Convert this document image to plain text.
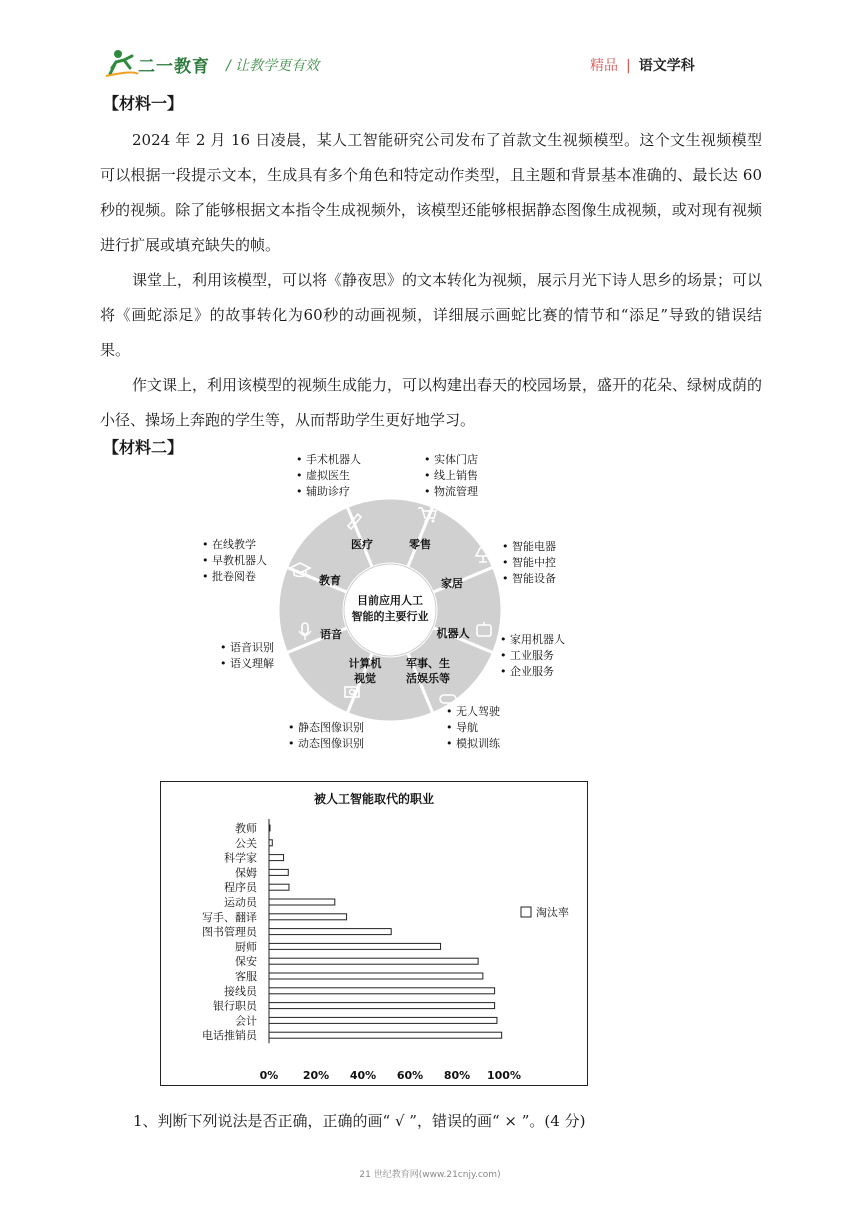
二一教育 / 让教学更有效	精品 | 语文学科
【材料一】

2024 年 2 月 16 日凌晨，某人工智能研究公司发布了首款文生视频模型。这个文生视频模型可以根据一段提示文本，生成具有多个角色和特定动作类型，且主题和背景基本准确的、最长达 60 秒的视频。除了能够根据文本指令生成视频外，该模型还能够根据静态图像生成视频，或对现有视频进行扩展或填充缺失的帧。

课堂上，利用该模型，可以将《静夜思》的文本转化为视频，展示月光下诗人思乡的场景；可以将《画蛇添足》的故事转化为60秒的动画视频，详细展示画蛇比赛的情节和“添足”导致的错误结果。

作文课上，利用该模型的视频生成能力，可以构建出春天的校园场景，盛开的花朵、绿树成荫的小径、操场上奔跑的学生等，从而帮助学生更好地学习。

【材料二】
目前应用人工
智能的主要行业
医疗	零售
家居
机器人
军事、生
活娱乐等
计算机
视觉
语音
教育
• 手术机器人
• 虚拟医生
• 辅助诊疗
• 实体门店
• 线上销售
• 物流管理
• 智能电器
• 智能中控
• 智能设备
• 家用机器人
• 工业服务
• 企业服务
• 无人驾驶
• 导航
• 模拟训练
• 静态图像识别
• 动态图像识别
• 语音识别
• 语义理解
• 在线教学
• 早教机器人
• 批卷阅卷
被人工智能取代的职业
教师
公关
科学家
保姆
程序员
运动员
写手、翻译
图书管理员
厨师
保安
客服
接线员
银行职员
会计
电话推销员
0% 20% 40% 60% 80% 100%
淘汰率
1、判断下列说法是否正确，正确的画“ √ ”，错误的画“ × ”。(4 分)
21 世纪教育网(www.21cnjy.com)
